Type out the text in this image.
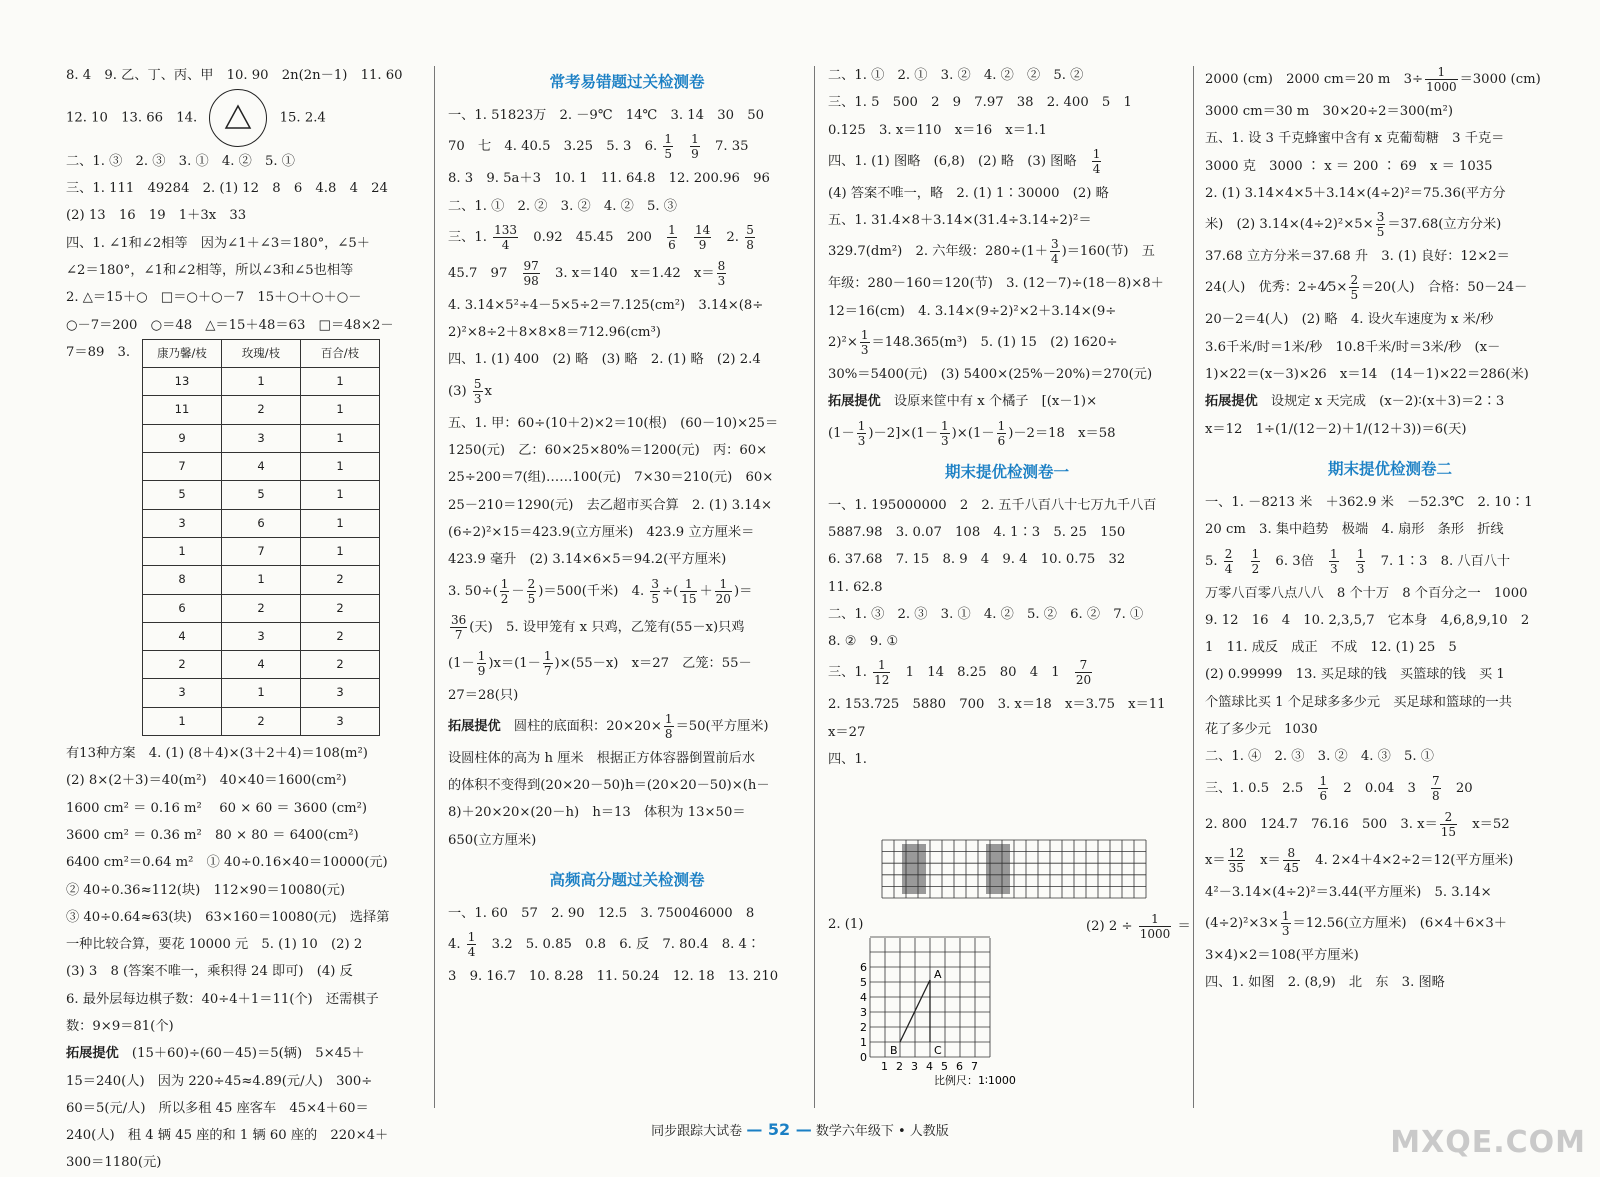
8. 4　9. 乙、丁、丙、甲　10. 90　2n(2n－1)　11. 60
12. 10　13. 66　14.	15. 2.4
二、1. ③　2. ③　3. ①　4. ②　5. ①
三、1. 111　49284　2. (1) 12　8　6　4.8　4　24
(2) 13　16　19　1＋3x　33
四、1. ∠1和∠2相等　因为∠1＋∠3＝180°，∠5＋
∠2＝180°，∠1和∠2相等，所以∠3和∠5也相等
2. △＝15＋○　□＝○＋○－7　15＋○＋○＋○－
○－7＝200　○＝48　△＝15＋48＝63　□＝48×2－
7＝89　3.	康乃馨/枝	玫瑰/枝	百合/枝
13	1	1
11	2	1
9	3	1
7	4	1
5	5	1
3	6	1
1	7	1
8	1	2
6	2	2
4	3	2
2	4	2
3	1	3
1	2	3
有13种方案　4. (1) (8＋4)×(3＋2＋4)＝108(m²)
(2) 8×(2＋3)＝40(m²)　40×40＝1600(cm²)
1600 cm² ＝ 0.16 m²　 60 × 60 ＝ 3600 (cm²)
3600 cm² ＝ 0.36 m²　80 × 80 ＝ 6400(cm²)
6400 cm²＝0.64 m²　① 40÷0.16×40＝10000(元)
② 40÷0.36≈112(块)　112×90＝10080(元)
③ 40÷0.64≈63(块)　63×160＝10080(元)　选择第
一种比较合算，要花 10000 元　5. (1) 10　(2) 2
(3) 3　8 (答案不唯一，乘积得 24 即可)　(4) 反
6. 最外层每边棋子数：40÷4＋1＝11(个)　还需棋子
数：9×9＝81(个)
拓展提优　(15＋60)÷(60－45)＝5(辆)　5×45＋
15＝240(人)　因为 220÷45≈4.89(元/人)　300÷
60＝5(元/人)　所以多租 45 座客车　45×4＋60＝
240(人)　租 4 辆 45 座的和 1 辆 60 座的　220×4＋
300＝1180(元)
常考易错题过关检测卷
一、1. 51823万　2. －9℃　14℃　3. 14　30　50
70　七　4. 40.5　3.25　5. 3　6. $\frac{1}{5}$
　 $\frac{1}{9}$ 　7. 35
8. 3　9. 5a＋3　10. 1　11. 64.8　12. 200.96　96
二、1. ①　2. ②　3. ②　4. ②　5. ③
三、1. $\frac{133}{4}$ 　0.92　45.45　200　 $\frac{1}{6}$
　 $\frac{14}{9}$ 　2. $\frac{5}{8}$
45.7　97　 $\frac{97}{98}$ 　3. x＝140　x＝1.42　$x= \frac{8}{3}$
4. 3.14×5²÷4－5×5÷2＝7.125(cm²)　3.14×(8÷
2)²×8÷2＋8×8×8＝712.96(cm³)
四、1. (1) 400　(2) 略　(3) 略　2. (1) 略　(2) 2.4
$(3) \frac{5}{3}$ x
五、1. 甲：60÷(10＋2)×2＝10(根)　(60－10)×25＝
1250(元)　乙：60×25×80%＝1200(元)　丙：60×
25÷200＝7(组)……100(元)　7×30＝210(元)　60×
25－210＝1290(元)　去乙超市买合算　2. (1) 3.14×
(6÷2)²×15＝423.9(立方厘米)　423.9 立方厘米＝
423.9 毫升　(2) 3.14×6×5＝94.2(平方厘米)
3. $50\div( \frac{1}{2} - \frac{2}{5} )=500$(千米)　4. $\frac{3}{5}$ ÷( $\frac{1}{15} + \frac{1}{20}$ )＝
$\frac{36}{7}$ (天)　5. 设甲笼有 x 只鸡，乙笼有(55－x)只鸡
$(1- \frac{1}{9} )x=(1- \frac{1}{7} )\times(55-x)$　x＝27　乙笼：55－
27＝28(只)
拓展提优　圆柱的底面积：$20\times 20\times \frac{1}{8} =50$(平方厘米)
设圆柱体的高为 h 厘米　根据正方体容器倒置前后水
的体积不变得到(20×20－50)h＝(20×20－50)×(h－
8)＋20×20×(20－h)　h＝13　体积为 13×50＝
650(立方厘米)
高频高分题过关检测卷
一、1. 60　57　2. 90　12.5　3. 750046000　8
4. $\frac{1}{4}$ 　3.2　5. 0.85　0.8　6. 反　7. 80.4　8. 4∶
3　9. 16.7　10. 8.28　11. 50.24　12. 18　13. 210
二、1. ①　2. ①　3. ②　4. ②　②　5. ②
三、1. 5　500　2　9　7.97　38　2. 400　5　1
0.125　3. x＝110　x＝16　x＝1.1
四、1. (1) 图略　(6,8)　(2) 略　(3) 图略　 $\frac{1}{4}$
(4) 答案不唯一，略　2. (1) 1∶30000　(2) 略
五、1. 31.4×8＋3.14×(31.4÷3.14÷2)²＝
329.7(dm²)　2. 六年级：$280\div(1+ \frac{3}{4} )=160$(节)　五
年级：280－160＝120(节)　3. (12－7)÷(18－8)×8＋
12＝16(cm)　4. 3.14×(9÷2)²×2＋3.14×(9÷
$2)^2\times \frac{1}{3} =148.365(m^3)$　5. (1) 15　(2) 1620÷
30%＝5400(元)　(3) 5400×(25%－20%)＝270(元)
拓展提优　设原来筐中有 x 个橘子　[(x－1)×
$(1- \frac{1}{3} )-2]\times(1- \frac{1}{3} )\times(1- \frac{1}{6} )-2=18$　x＝58
期末提优检测卷一
一、1. 195000000　2　2. 五千八百八十七万九千八百
5887.98　3. 0.07　108　4. 1∶3　5. 25　150
6. 37.68　7. 15　8. 9　4　9. 4　10. 0.75　32
11. 62.8
二、1. ③　2. ③　3. ①　4. ②　5. ②　6. ②　7. ①
8. ②　9. ①
三、1. $\frac{1}{12}$ 　1　14　8.25　80　4　1　 $\frac{7}{20}$
2. 153.725　5880　700　3. x＝18　x＝3.75　x＝11
x＝27
四、1.
2. (1)	(2) $2 \div \frac{1}{1000}$ ＝
A
B	C
0
1
2
3
4
5
6
1 2 3 4 5 6 7
比例尺：1∶1000
2000 (cm)　2000 cm＝20 m　$3\div \frac{1}{1000} =3000$ (cm)
3000 cm＝30 m　30×20÷2＝300(m²)
五、1. 设 3 千克蜂蜜中含有 x 克葡萄糖　3 千克＝
3000 克　3000 ∶ x ＝ 200 ∶ 69　x ＝ 1035
2. (1) 3.14×4×5＋3.14×(4÷2)²＝75.36(平方分
米)　(2) $3.14\times(4\div 2)^2\times 5\times \frac{3}{5} =37.68$(立方分米)
37.68 立方分米＝37.68 升　3. (1) 良好：12×2＝
24(人)　优秀：2÷4⁄5× $\frac{2}{5} =20$(人)　合格：50－24－
20－2＝4(人)　(2) 略　4. 设火车速度为 x 米/秒
3.6千米/时＝1米/秒　10.8千米/时＝3米/秒　(x－
1)×22＝(x－3)×26　x＝14　(14－1)×22＝286(米)
拓展提优　设规定 x 天完成　(x－2)∶(x＋3)＝2∶3
x＝12　1÷(1/(12－2)＋1/(12＋3))＝6(天)
期末提优检测卷二
一、1. －8213 米　＋362.9 米　－52.3℃　2. 10∶1
20 cm　3. 集中趋势　极端　4. 扇形　条形　折线
5. $\frac{2}{4}$
　 $\frac{1}{2}$ 　6. 3倍　 $\frac{1}{3}$
　 $\frac{1}{3}$ 　7. 1∶3　8. 八百八十
万零八百零八点八八　8 个十万　8 个百分之一　1000
9. 12　16　4　10. 2,3,5,7　它本身　4,6,8,9,10　2
1　11. 成反　成正　不成　12. (1) 25　5
(2) 0.99999　13. 买足球的钱　买篮球的钱　买 1
个篮球比买 1 个足球多多少元　买足球和篮球的一共
花了多少元　1030
二、1. ④　2. ③　3. ②　4. ③　5. ①
三、1. 0.5　2.5　 $\frac{1}{6}$ 　2　0.04　3　 $\frac{7}{8}$ 　20
2. 800　124.7　76.16　500　3. $x= \frac{2}{15}$ 　x＝52
$x= \frac{12}{35}$ 　$x= \frac{8}{45}$ 　4. 2×4＋4×2÷2＝12(平方厘米)
4²－3.14×(4÷2)²＝3.44(平方厘米)　5. 3.14×
$(4\div 2)^2\times 3\times \frac{1}{3} =12.56$(立方厘米)　(6×4＋6×3＋
3×4)×2＝108(平方厘米)
四、1. 如图　2. (8,9)　北　东　3. 图略
同步跟踪大试卷 — 52 — 数学六年级下 • 人教版	MXQE.COM
